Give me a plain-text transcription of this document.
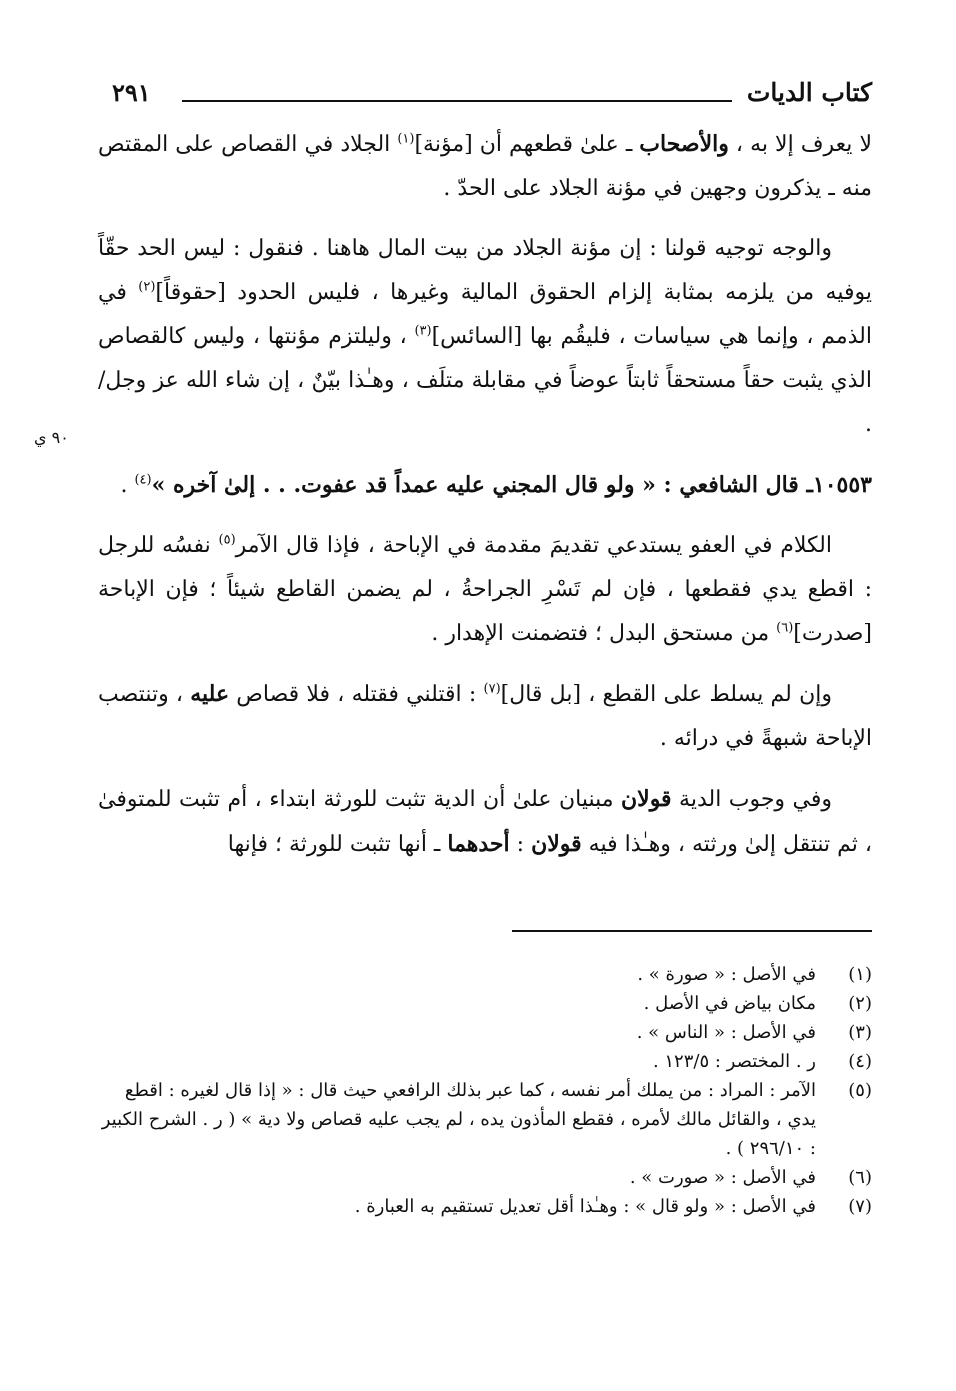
كتاب الديات
٢٩١
٩٠ ي

لا يعرف إلا به ، والأصحاب ـ علىٰ قطعهم أن [مؤنة]$^{(١)}$ الجلاد في القصاص على المقتص منه ـ يذكرون وجهين في مؤنة الجلاد على الحدّ .

والوجه توجيه قولنا : إن مؤنة الجلاد من بيت المال هاهنا . فنقول : ليس الحد حقّاً يوفيه من يلزمه بمثابة إلزام الحقوق المالية وغيرها ، فليس الحدود [حقوقاً]$^{(٢)}$ في الذمم ، وإنما هي سياسات ، فليقُم بها [السائس]$^{(٣)}$ ، وليلتزم مؤنتها ، وليس كالقصاص الذي يثبت حقاً مستحقاً ثابتاً عوضاً في مقابلة متلَف ، وهـٰذا بيّنٌ ، إن شاء الله عز وجل/ .

١٠٥٥٣ـ قال الشافعي : « ولو قال المجني عليه عمداً قد عفوت. . . إلىٰ آخره »$^{(٤)}$ .

الكلام في العفو يستدعي تقديمَ مقدمة في الإباحة ، فإذا قال الآمر$^{(٥)}$ نفسُه للرجل : اقطع يدي فقطعها ، فإن لم تَسْرِ الجراحةُ ، لم يضمن القاطع شيئاً ؛ فإن الإباحة [صدرت]$^{(٦)}$ من مستحق البدل ؛ فتضمنت الإهدار .

وإن لم يسلط على القطع ، [بل قال]$^{(٧)}$ : اقتلني فقتله ، فلا قصاص عليه ، وتنتصب الإباحة شبهةً في درائه .

وفي وجوب الدية قولان مبنيان علىٰ أن الدية تثبت للورثة ابتداء ، أم تثبت للمتوفىٰ ، ثم تنتقل إلىٰ ورثته ، وهـٰذا فيه قولان : أحدهما ـ أنها تثبت للورثة ؛ فإنها

(١)
في الأصل : « صورة » .
(٢)
مكان بياض في الأصل .
(٣)
في الأصل : « الناس » .
(٤)
ر . المختصر : ١٢٣/٥ .
(٥)
الآمر : المراد : من يملك أمر نفسه ، كما عبر بذلك الرافعي حيث قال : « إذا قال لغيره : اقطع يدي ، والقائل مالك لأمره ، فقطع المأذون يده ، لم يجب عليه قصاص ولا دية » ( ر . الشرح الكبير : ٢٩٦/١٠ ) .
(٦)
في الأصل : « صورت » .
(٧)
في الأصل : « ولو قال » : وهـٰذا أقل تعديل تستقيم به العبارة .
